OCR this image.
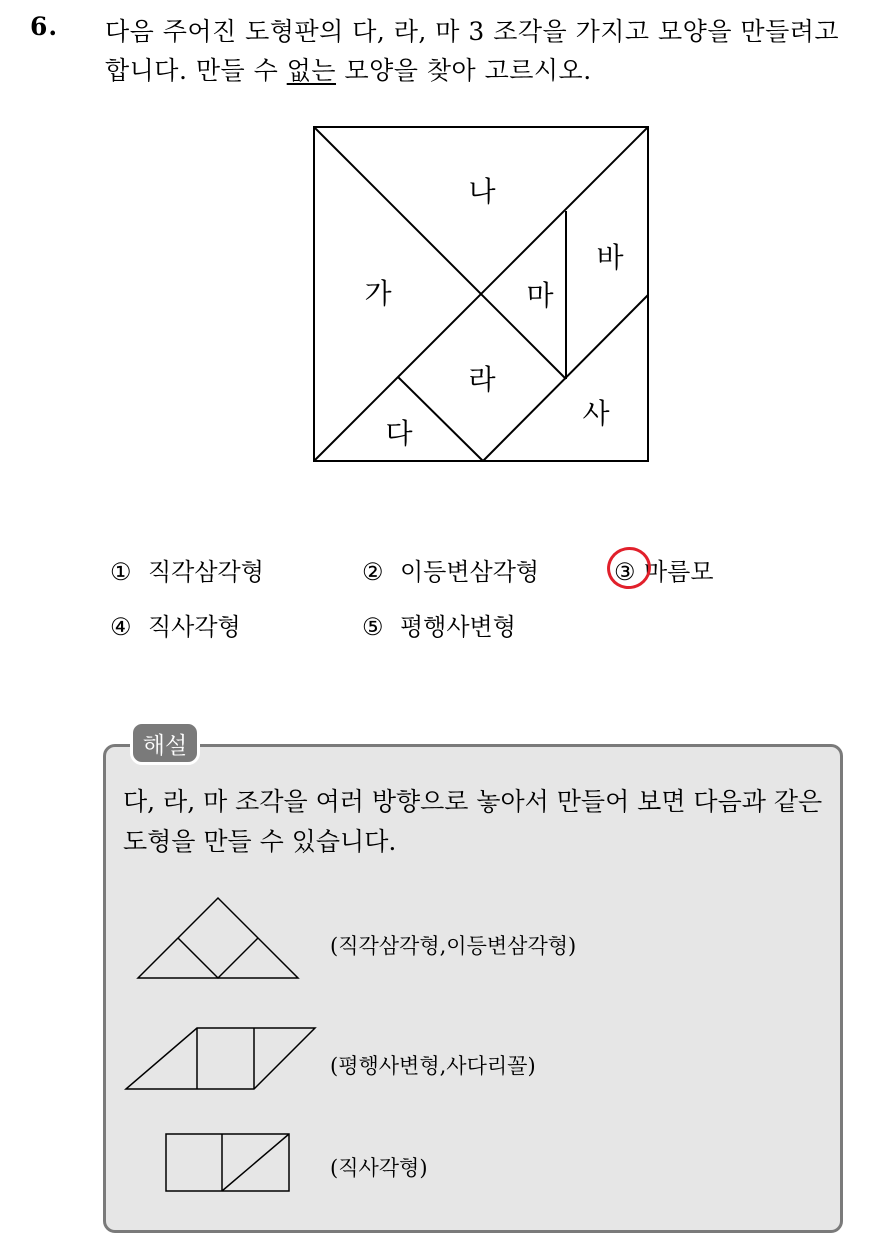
6. 다음 주어진 도형판의 다, 라, 마 3 조각을 가지고 모양을 만들려고
합니다. 만들 수 없는 모양을 찾아 고르시오.
나
가
바
마
라
다
사
① 직각삼각형	② 이등변삼각형	③ 마름모
④ 직사각형	⑤ 평행사변형
해설
다, 라, 마 조각을 여러 방향으로 놓아서 만들어 보면 다음과 같은
도형을 만들 수 있습니다.
(직각삼각형,이등변삼각형)
(평행사변형,사다리꼴)
(직사각형)
